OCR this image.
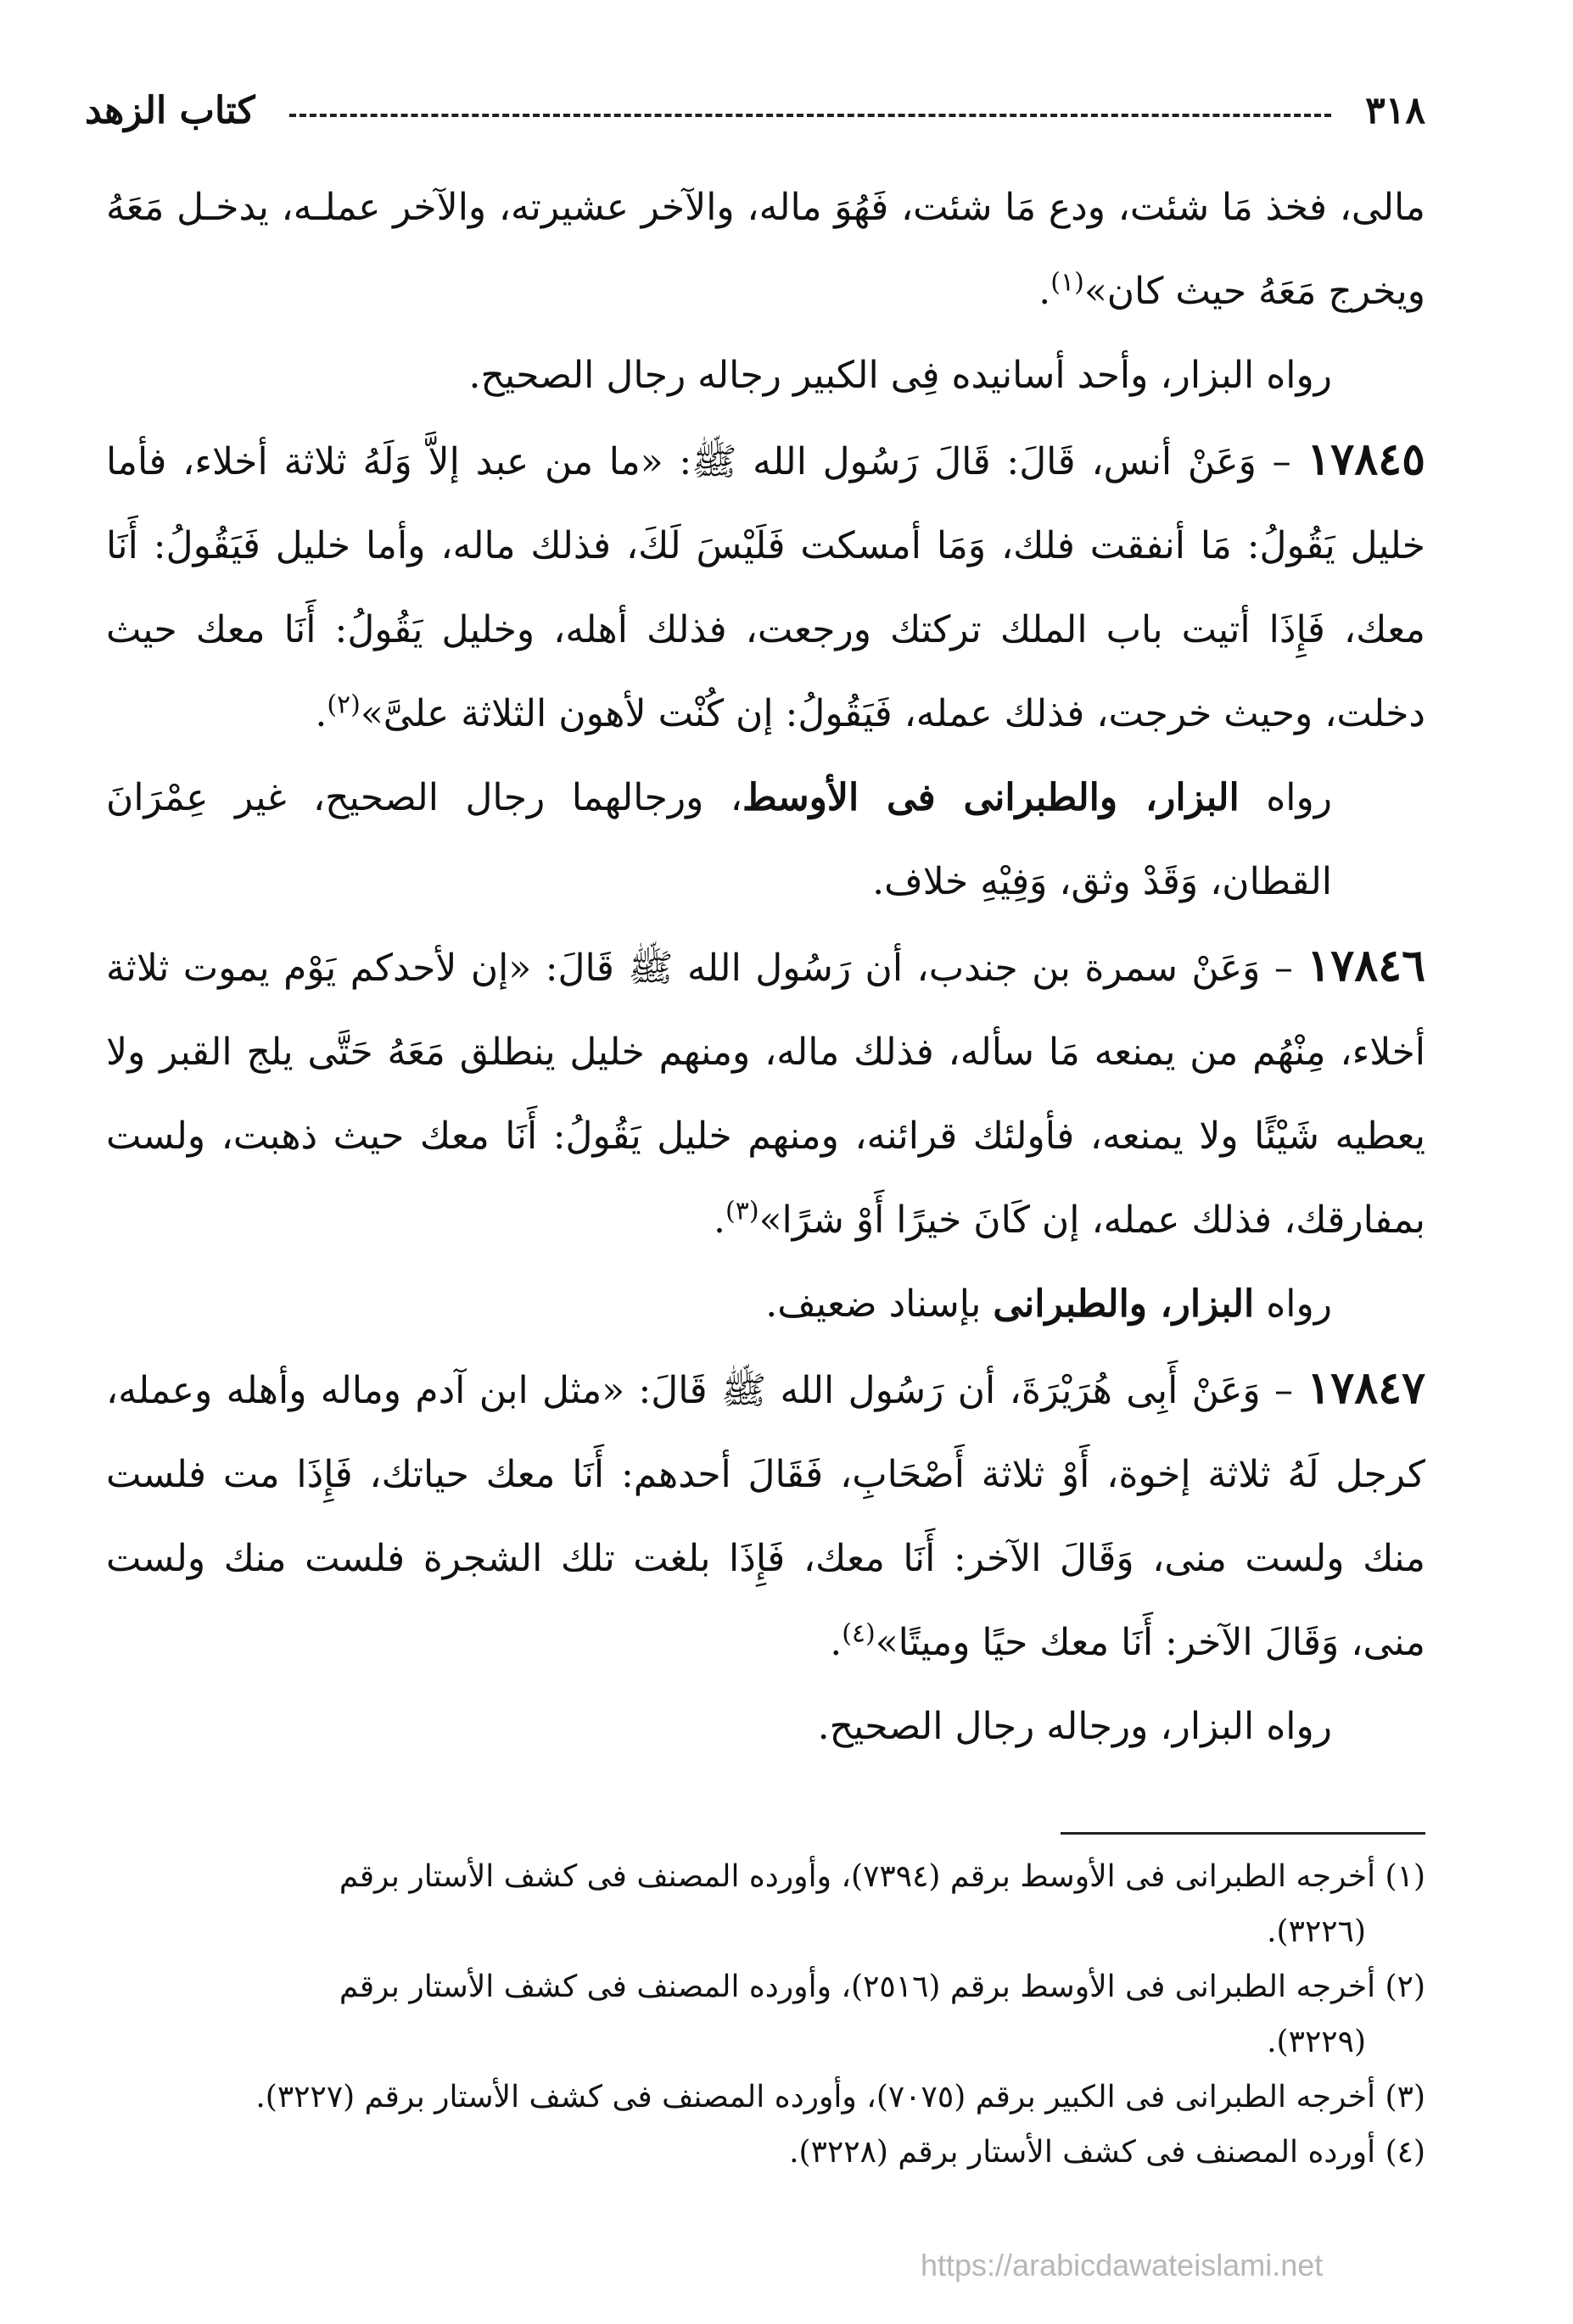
٣١٨
كتاب الزهد

مالى، فخذ مَا شئت، ودع مَا شئت، فَهُوَ ماله، والآخر عشيرته، والآخر عملـه، يدخـل مَعَهُ ويخرج مَعَهُ حيث كان»$^{(١)}$.

رواه البزار، وأحد أسانيده فِى الكبير رجاله رجال الصحيح.

١٧٨٤٥ – وَعَنْ أنس، قَالَ: قَالَ رَسُول الله ﷺ: «ما من عبد إلاَّ وَلَهُ ثلاثة أخلاء، فأما خليل يَقُولُ: مَا أنفقت فلك، وَمَا أمسكت فَلَيْسَ لَكَ، فذلك ماله، وأما خليل فَيَقُولُ: أَنَا معك، فَإِذَا أتيت باب الملك تركتك ورجعت، فذلك أهله، وخليل يَقُولُ: أَنَا معك حيث دخلت، وحيث خرجت، فذلك عمله، فَيَقُولُ: إن كُنْت لأهون الثلاثة علىَّ»$^{(٢)}$.

رواه البزار، والطبرانى فى الأوسط، ورجالهما رجال الصحيح، غير عِمْرَانَ القطان، وَقَدْ وثق، وَفِيْهِ خلاف.

١٧٨٤٦ – وَعَنْ سمرة بن جندب، أن رَسُول الله ﷺ قَالَ: «إن لأحدكم يَوْم يموت ثلاثة أخلاء، مِنْهُم من يمنعه مَا سأله، فذلك ماله، ومنهم خليل ينطلق مَعَهُ حَتَّى يلج القبر ولا يعطيه شَيْئًا ولا يمنعه، فأولئك قرائنه، ومنهم خليل يَقُولُ: أَنَا معك حيث ذهبت، ولست بمفارقك، فذلك عمله، إن كَانَ خيرًا أَوْ شرًا»$^{(٣)}$.

رواه البزار، والطبرانى بإسناد ضعيف.

١٧٨٤٧ – وَعَنْ أَبِى هُرَيْرَةَ، أن رَسُول الله ﷺ قَالَ: «مثل ابن آدم وماله وأهله وعمله، كرجل لَهُ ثلاثة إخوة، أَوْ ثلاثة أَصْحَابِ، فَقَالَ أحدهم: أَنَا معك حياتك، فَإِذَا مت فلست منك ولست منى، وَقَالَ الآخر: أَنَا معك، فَإِذَا بلغت تلك الشجرة فلست منك ولست منى، وَقَالَ الآخر: أَنَا معك حيًا وميتًا»$^{(٤)}$.

رواه البزار، ورجاله رجال الصحيح.

(١) أخرجه الطبرانى فى الأوسط برقم (٧٣٩٤)، وأورده المصنف فى كشف الأستار برقم

(٣٢٢٦).

(٢) أخرجه الطبرانى فى الأوسط برقم (٢٥١٦)، وأورده المصنف فى كشف الأستار برقم

(٣٢٢٩).

(٣) أخرجه الطبرانى فى الكبير برقم (٧٠٧٥)، وأورده المصنف فى كشف الأستار برقم (٣٢٢٧).

(٤) أورده المصنف فى كشف الأستار برقم (٣٢٢٨).

https://arabicdawateislami.net
